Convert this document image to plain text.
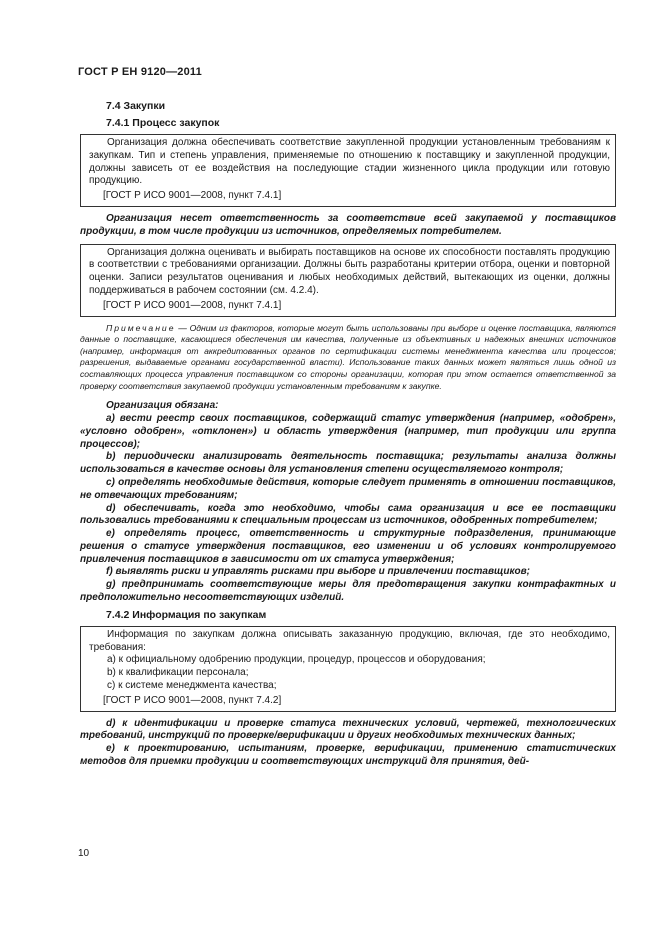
ГОСТ Р ЕН 9120—2011
7.4 Закупки
7.4.1 Процесс закупок

Организация должна обеспечивать соответствие закупленной продукции установленным требованиям к закупкам. Тип и степень управления, применяемые по отношению к поставщику и закупленной продукции, должны зависеть от ее воздействия на последующие стадии жизненного цикла продукции или готовую продукцию.

[ГОСТ Р ИСО 9001—2008, пункт 7.4.1]

Организация несет ответственность за соответствие всей закупаемой у поставщиков продукции, в том числе продукции из источников, определяемых потребителем.

Организация должна оценивать и выбирать поставщиков на основе их способности поставлять продукцию в соответствии с требованиями организации. Должны быть разработаны критерии отбора, оценки и повторной оценки. Записи результатов оценивания и любых необходимых действий, вытекающих из оценки, должны поддерживаться в рабочем состоянии (см. 4.2.4).

[ГОСТ Р ИСО 9001—2008, пункт 7.4.1]

Примечание — Одним из факторов, которые могут быть использованы при выборе и оценке поставщика, являются данные о поставщике, касающиеся обеспечения им качества, полученные из объективных и надежных внешних источников (например, информация от аккредитованных органов по сертификации системы менеджмента качества или процессов; разрешения, выдаваемые органами государственной власти). Использование таких данных может являться лишь одной из составляющих процесса управления поставщиком со стороны организации, которая при этом остается ответственной за проверку соответствия закупаемой продукции установленным требованиям к закупке.

Организация обязана:

a) вести реестр своих поставщиков, содержащий статус утверждения (например, «одобрен», «условно одобрен», «отклонен») и область утверждения (например, тип продукции или группа процессов);

b) периодически анализировать деятельность поставщика; результаты анализа должны использоваться в качестве основы для установления степени осуществляемого контроля;

c) определять необходимые действия, которые следует применять в отношении поставщиков, не отвечающих требованиям;

d) обеспечивать, когда это необходимо, чтобы сама организация и все ее поставщики пользовались требованиями к специальным процессам из источников, одобренных потребителем;

e) определять процесс, ответственность и структурные подразделения, принимающие решения о статусе утверждения поставщиков, его изменении и об условиях контролируемого привлечения поставщиков в зависимости от их статуса утверждения;

f) выявлять риски и управлять рисками при выборе и привлечении поставщиков;

g) предпринимать соответствующие меры для предотвращения закупки контрафактных и предположительно несоответствующих изделий.

7.4.2 Информация по закупкам

Информация по закупкам должна описывать заказанную продукцию, включая, где это необходимо, требования:

a) к официальному одобрению продукции, процедур, процессов и оборудования;

b) к квалификации персонала;

c) к системе менеджмента качества;

[ГОСТ Р ИСО 9001—2008, пункт 7.4.2]

d) к идентификации и проверке статуса технических условий, чертежей, технологических требований, инструкций по проверке/верификации и других необходимых технических данных;

e) к проектированию, испытаниям, проверке, верификации, применению статистических методов для приемки продукции и соответствующих инструкций для принятия, дей-

10
